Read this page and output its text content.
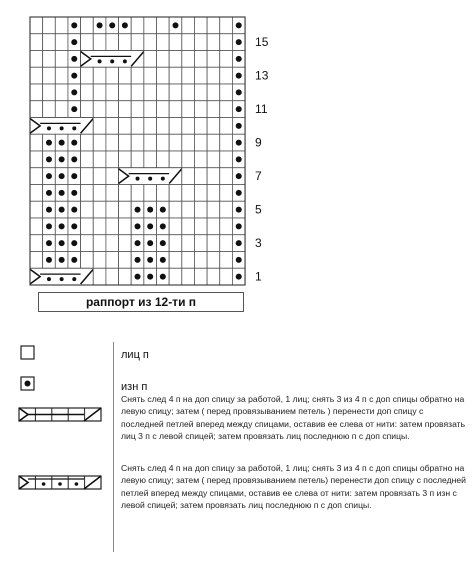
15
13
11
9
7
5
3
1
раппорт из 12-ти п
лиц п
изн п
Снять след 4 п на доп спицу за работой, 1 лиц; снять 3 из 4 п с доп спицы обратно на левую спицу; затем ( перед провязыванием петель ) перенести доп спицу с последней петлей вперед между спицами, оставив ее слева от нити: затем провязать лиц 3 п с левой спицей; затем провязать лиц последнюю п с доп спицы.
Снять след 4 п на доп спицу за работой, 1 лиц; снять 3 из 4 п с доп спицы обратно на левую спицу; затем ( перед провязыванием петель) перенести доп спицу с последней петлей вперед между спицами, оставив ее слева от нити: затем провязать 3 п изн с левой спицей; затем провязать лиц последнюю п с доп спицы.
